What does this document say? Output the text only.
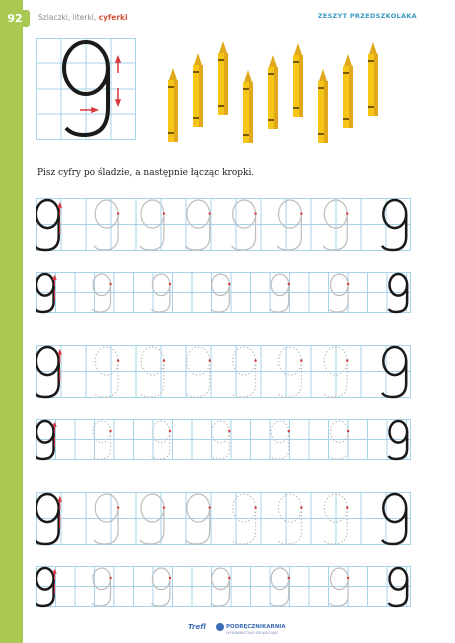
92	Szlaczki, literki, cyferki	ZESZYT PRZEDSZKOLAKA
Pisz cyfry po śladzie, a następnie łącząc kropki.
Trefl	PODRĘCZNIKARNIA
WYDAWNICTWO EDUKACYJNE
